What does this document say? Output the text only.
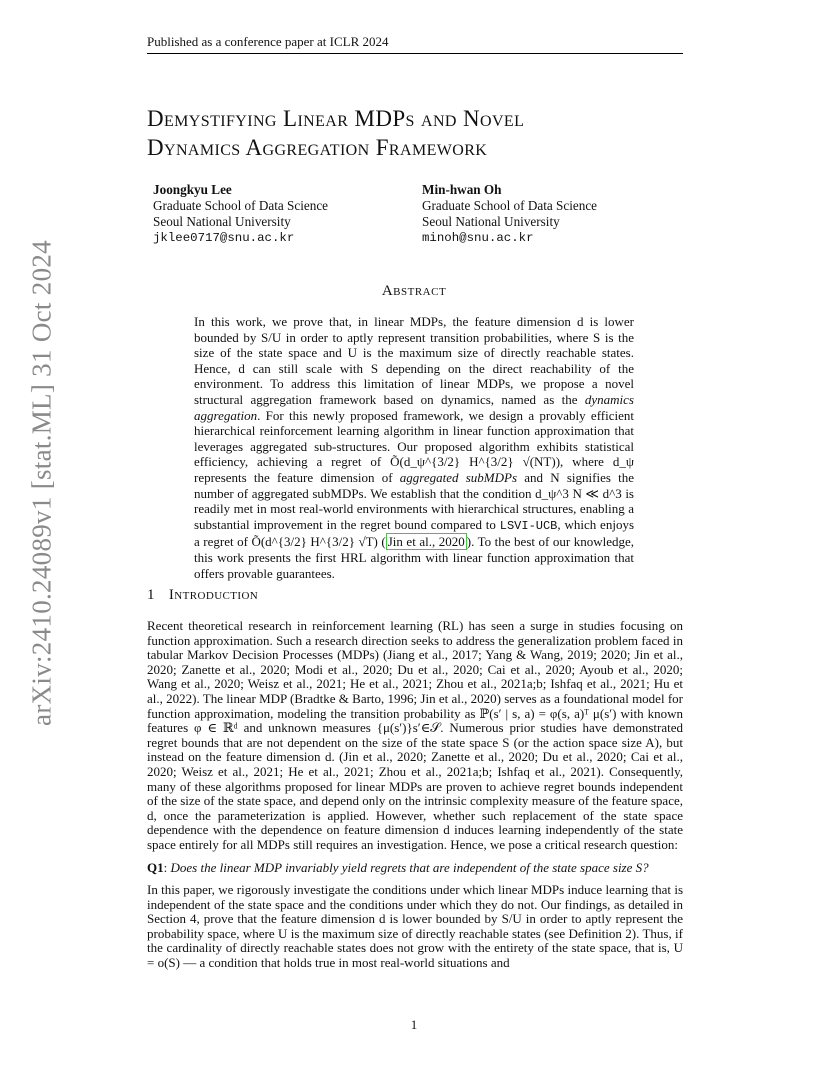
arXiv:2410.24089v1 [stat.ML] 31 Oct 2024
Published as a conference paper at ICLR 2024
Demystifying Linear MDPs and Novel
Dynamics Aggregation Framework
Joongkyu Lee
Graduate School of Data Science
Seoul National University
jklee0717@snu.ac.kr
Min-hwan Oh
Graduate School of Data Science
Seoul National University
minoh@snu.ac.kr
Abstract
In this work, we prove that, in linear MDPs, the feature dimension d is lower bounded by S/U in order to aptly represent transition probabilities, where S is the size of the state space and U is the maximum size of directly reachable states. Hence, d can still scale with S depending on the direct reachability of the environment. To address this limitation of linear MDPs, we propose a novel structural aggregation framework based on dynamics, named as the dynamics aggregation. For this newly proposed framework, we design a provably efficient hierarchical reinforcement learning algorithm in linear function approximation that leverages aggregated sub-structures. Our proposed algorithm exhibits statistical efficiency, achieving a regret of Õ(d_ψ^{3/2} H^{3/2} √(NT)), where d_ψ represents the feature dimension of aggregated subMDPs and N signifies the number of aggregated subMDPs. We establish that the condition d_ψ^3 N ≪ d^3 is readily met in most real-world environments with hierarchical structures, enabling a substantial improvement in the regret bound compared to LSVI-UCB, which enjoys a regret of Õ(d^{3/2} H^{3/2} √T) ( Jin et al., 2020 ). To the best of our knowledge, this work presents the first HRL algorithm with linear function approximation that offers provable guarantees.
1 Introduction

Recent theoretical research in reinforcement learning (RL) has seen a surge in studies focusing on function approximation. Such a research direction seeks to address the generalization problem faced in tabular Markov Decision Processes (MDPs) (Jiang et al., 2017; Yang & Wang, 2019; 2020; Jin et al., 2020; Zanette et al., 2020; Modi et al., 2020; Du et al., 2020; Cai et al., 2020; Ayoub et al., 2020; Wang et al., 2020; Weisz et al., 2021; He et al., 2021; Zhou et al., 2021a;b; Ishfaq et al., 2021; Hu et al., 2022). The linear MDP (Bradtke & Barto, 1996; Jin et al., 2020) serves as a foundational model for function approximation, modeling the transition probability as ℙ(s′ | s, a) = φ(s, a)ᵀ μ(s′) with known features φ ∈ ℝᵈ and unknown measures {μ(s′)}s′∈𝒮. Numerous prior studies have demonstrated regret bounds that are not dependent on the size of the state space S (or the action space size A), but instead on the feature dimension d. (Jin et al., 2020; Zanette et al., 2020; Du et al., 2020; Cai et al., 2020; Weisz et al., 2021; He et al., 2021; Zhou et al., 2021a;b; Ishfaq et al., 2021). Consequently, many of these algorithms proposed for linear MDPs are proven to achieve regret bounds independent of the size of the state space, and depend only on the intrinsic complexity measure of the feature space, d, once the parameterization is applied. However, whether such replacement of the state space dependence with the dependence on feature dimension d induces learning independently of the state space entirely for all MDPs still requires an investigation. Hence, we pose a critical research question:

Q1: Does the linear MDP invariably yield regrets that are independent of the state space size S?

In this paper, we rigorously investigate the conditions under which linear MDPs induce learning that is independent of the state space and the conditions under which they do not. Our findings, as detailed in Section 4, prove that the feature dimension d is lower bounded by S/U in order to aptly represent the probability space, where U is the maximum size of directly reachable states (see Definition 2). Thus, if the cardinality of directly reachable states does not grow with the entirety of the state space, that is, U = o(S) — a condition that holds true in most real-world situations and

1
